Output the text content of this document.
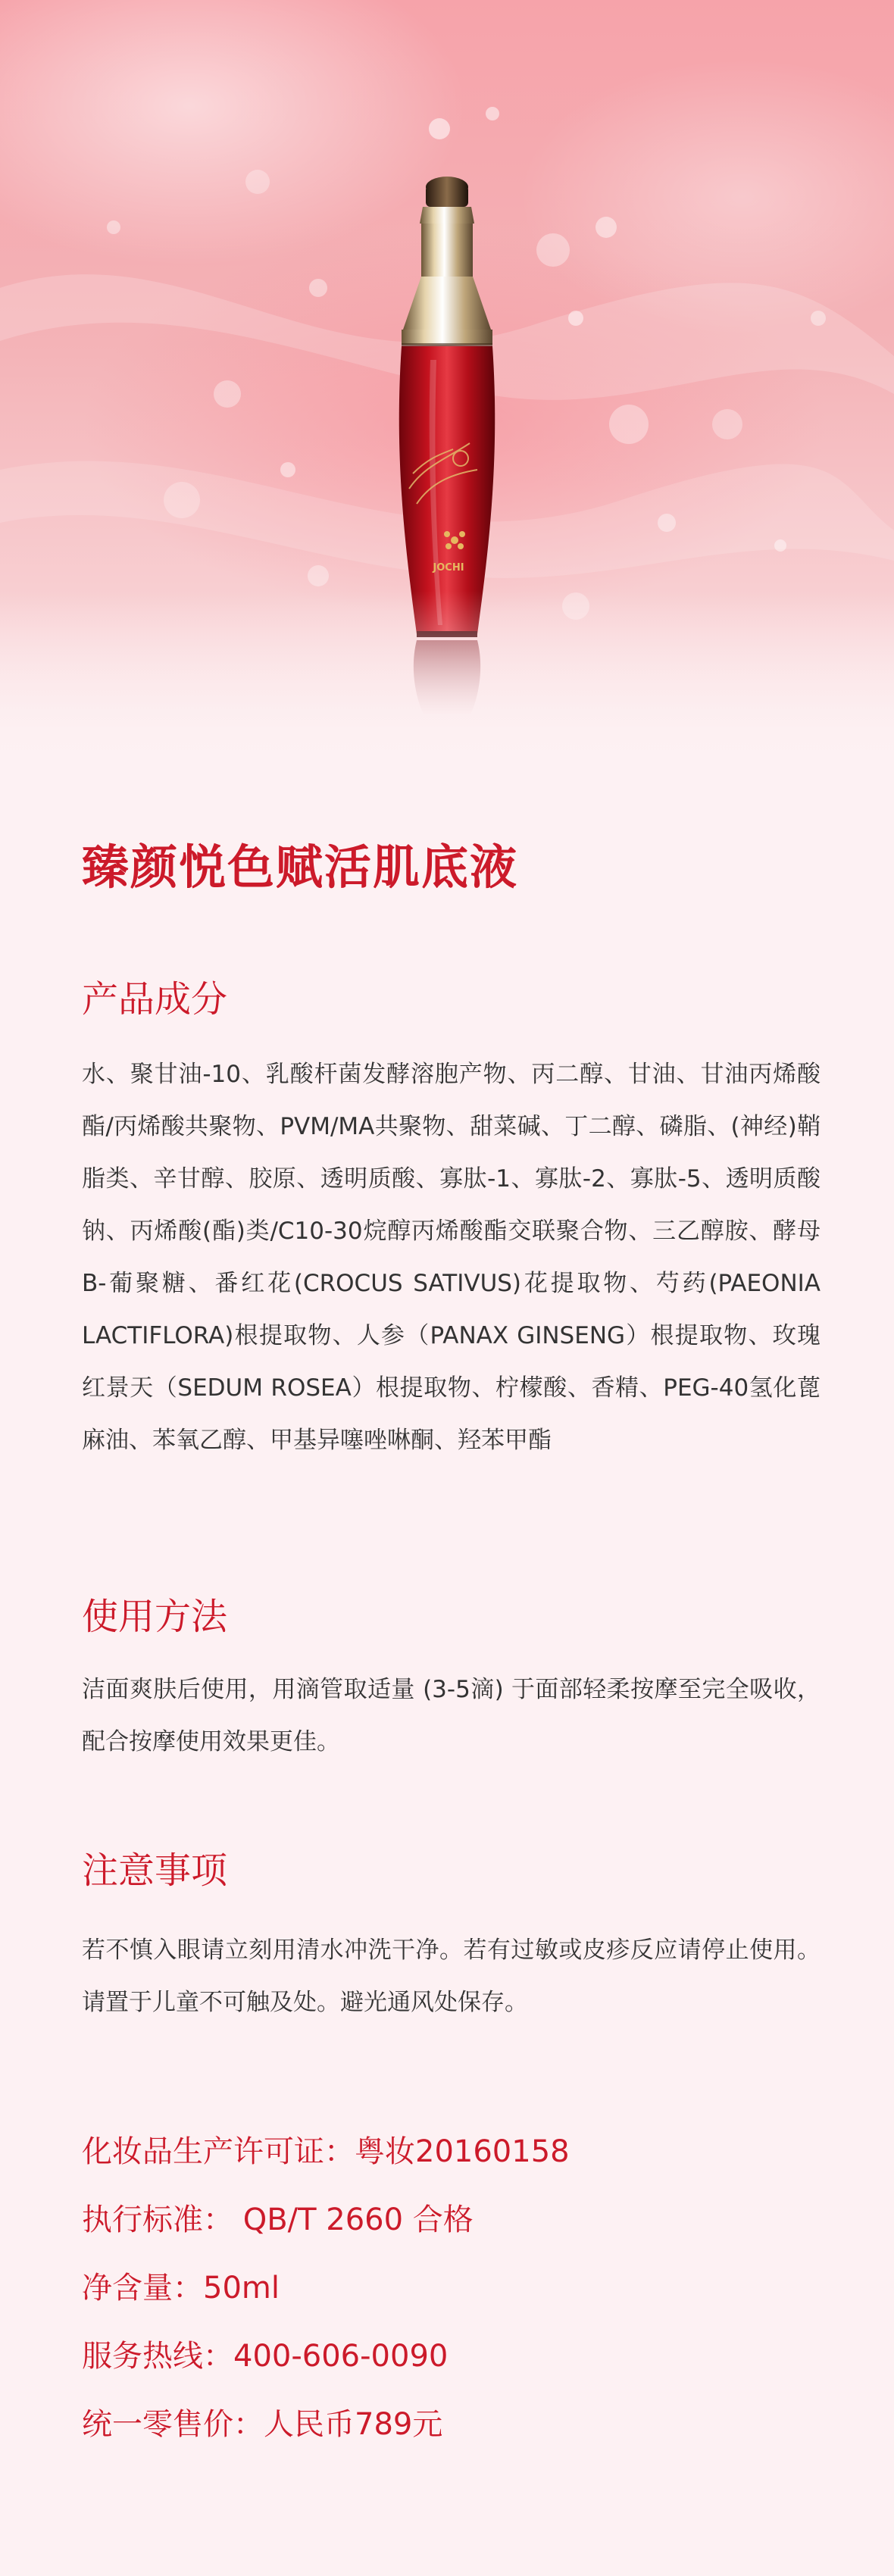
JOCHI
臻颜悦色赋活肌底液
产品成分

水、聚甘油-10、乳酸杆菌发酵溶胞产物、丙二醇、甘油、甘油丙烯酸酯/丙烯酸共聚物、PVM/MA共聚物、甜菜碱、丁二醇、磷脂、(神经)鞘脂类、辛甘醇、胶原、透明质酸、寡肽-1、寡肽-2、寡肽-5、透明质酸钠、丙烯酸(酯)类/C10-30烷醇丙烯酸酯交联聚合物、三乙醇胺、酵母B-葡聚糖、番红花(CROCUS SATIVUS)花提取物、芍药(PAEONIA LACTIFLORA)根提取物、人参（PANAX GINSENG）根提取物、玫瑰红景天（SEDUM ROSEA）根提取物、柠檬酸、香精、PEG-40氢化蓖麻油、苯氧乙醇、甲基异噻唑啉酮、羟苯甲酯

使用方法

洁面爽肤后使用，用滴管取适量 (3-5滴) 于面部轻柔按摩至完全吸收，配合按摩使用效果更佳。

注意事项

若不慎入眼请立刻用清水冲洗干净。若有过敏或皮疹反应请停止使用。请置于儿童不可触及处。避光通风处保存。

化妆品生产许可证：粤妆20160158
执行标准： QB/T 2660 合格
净含量：50ml
服务热线：400-606-0090
统一零售价：人民币789元
